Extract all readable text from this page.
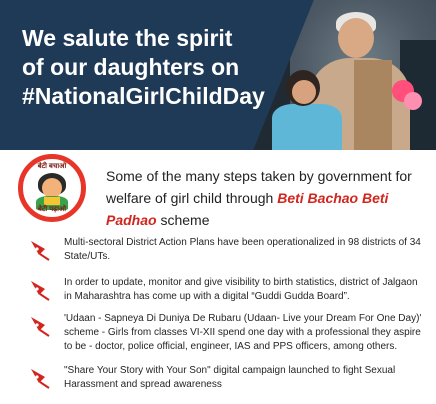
We salute the spirit
of our daughters on
#NationalGirlChildDay
बेटी बचाओ
बेटी पढ़ाओ
Some of the many steps taken by government for welfare of girl child through Beti Bachao Beti Padhao scheme
Multi-sectoral District Action Plans have been operationalized in 98 districts of 34 State/UTs.
In order to update, monitor and give visibility to birth statistics, district of Jalgaon in Maharashtra has come up with a digital “Guddi Gudda Board”.
'Udaan - Sapneya Di Duniya De Rubaru (Udaan- Live your Dream For One Day)' scheme - Girls from classes VI-XII spend one day with a professional they aspire to be - doctor, police official, engineer, IAS and PPS officers, among others.
"Share Your Story with Your Son" digital campaign launched to fight Sexual Harassment and spread awareness
